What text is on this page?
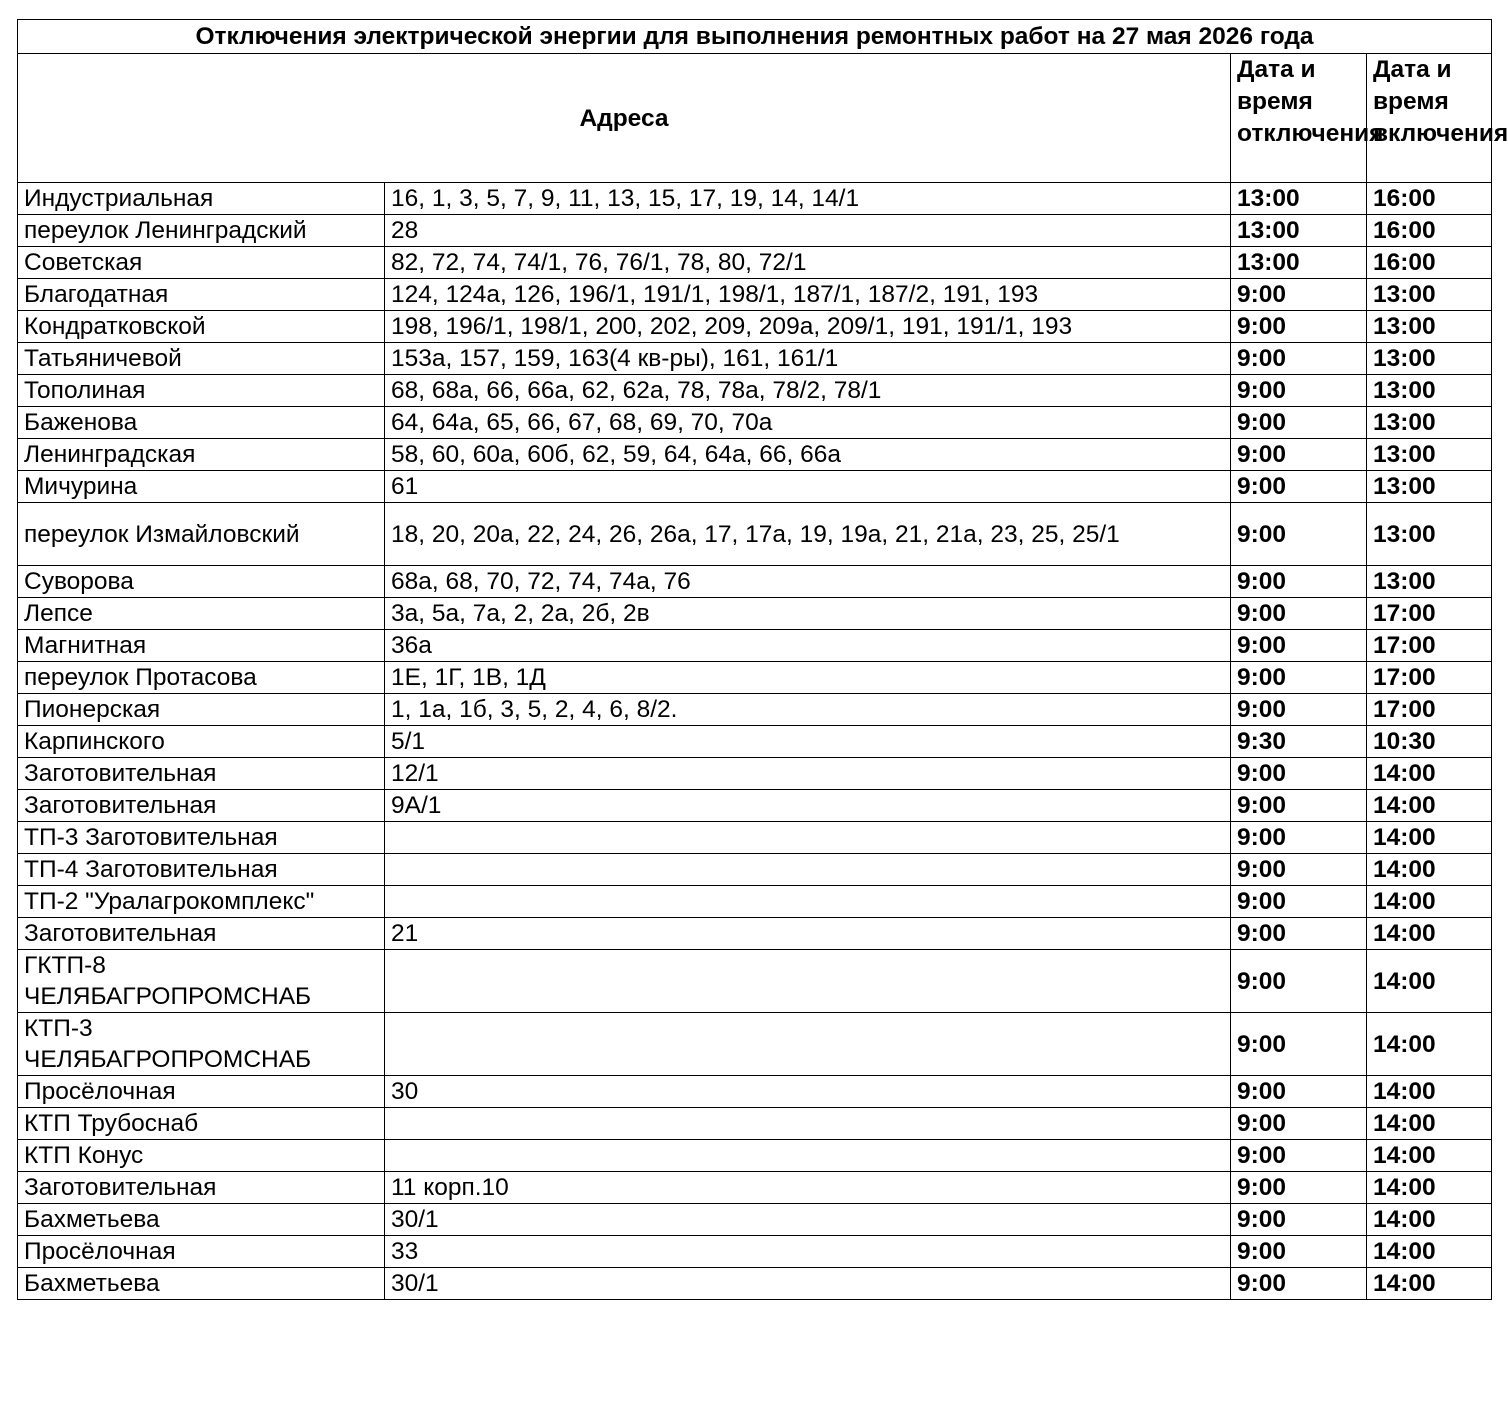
Отключения электрической энергии для выполнения ремонтных работ на 27 мая 2026 года			
Адреса		Дата и время отключения	Дата и время включения
Индустриальная	16, 1, 3, 5, 7, 9, 11, 13, 15, 17, 19, 14, 14/1	13:00	16:00
переулок Ленинградский	28	13:00	16:00
Советская	82, 72, 74, 74/1, 76, 76/1, 78, 80, 72/1	13:00	16:00
Благодатная	124, 124а, 126, 196/1, 191/1, 198/1, 187/1, 187/2, 191, 193	9:00	13:00
Кондратковской	198, 196/1, 198/1, 200, 202, 209, 209а, 209/1, 191, 191/1, 193	9:00	13:00
Татьяничевой	153а, 157, 159, 163(4 кв-ры), 161, 161/1	9:00	13:00
Тополиная	68, 68а, 66, 66а, 62, 62а, 78, 78а, 78/2, 78/1	9:00	13:00
Баженова	64, 64а, 65, 66, 67, 68, 69, 70, 70а	9:00	13:00
Ленинградская	58, 60, 60а, 60б, 62, 59, 64, 64а, 66, 66а	9:00	13:00
Мичурина	61	9:00	13:00
переулок Измайловский	18, 20, 20а, 22, 24, 26, 26а, 17, 17а, 19, 19а, 21, 21а, 23, 25, 25/1	9:00	13:00
Суворова	68а, 68, 70, 72, 74, 74а, 76	9:00	13:00
Лепсе	3а, 5а, 7а, 2, 2а, 2б, 2в	9:00	17:00
Магнитная	36а	9:00	17:00
переулок Протасова	1Е, 1Г, 1В, 1Д	9:00	17:00
Пионерская	1, 1а, 1б, 3, 5, 2, 4, 6, 8/2.	9:00	17:00
Карпинского	5/1	9:30	10:30
Заготовительная	12/1	9:00	14:00
Заготовительная	9А/1	9:00	14:00
ТП-3 Заготовительная		9:00	14:00
ТП-4 Заготовительная		9:00	14:00
ТП-2 "Уралагрокомплекс"		9:00	14:00
Заготовительная	21	9:00	14:00
ГКТП-8 ЧЕЛЯБАГРОПРОМСНАБ		9:00	14:00
КТП-3 ЧЕЛЯБАГРОПРОМСНАБ		9:00	14:00
Просёлочная	30	9:00	14:00
КТП Трубоснаб		9:00	14:00
КТП Конус		9:00	14:00
Заготовительная	11 корп.10	9:00	14:00
Бахметьева	30/1	9:00	14:00
Просёлочная	33	9:00	14:00
Бахметьева	30/1	9:00	14:00
